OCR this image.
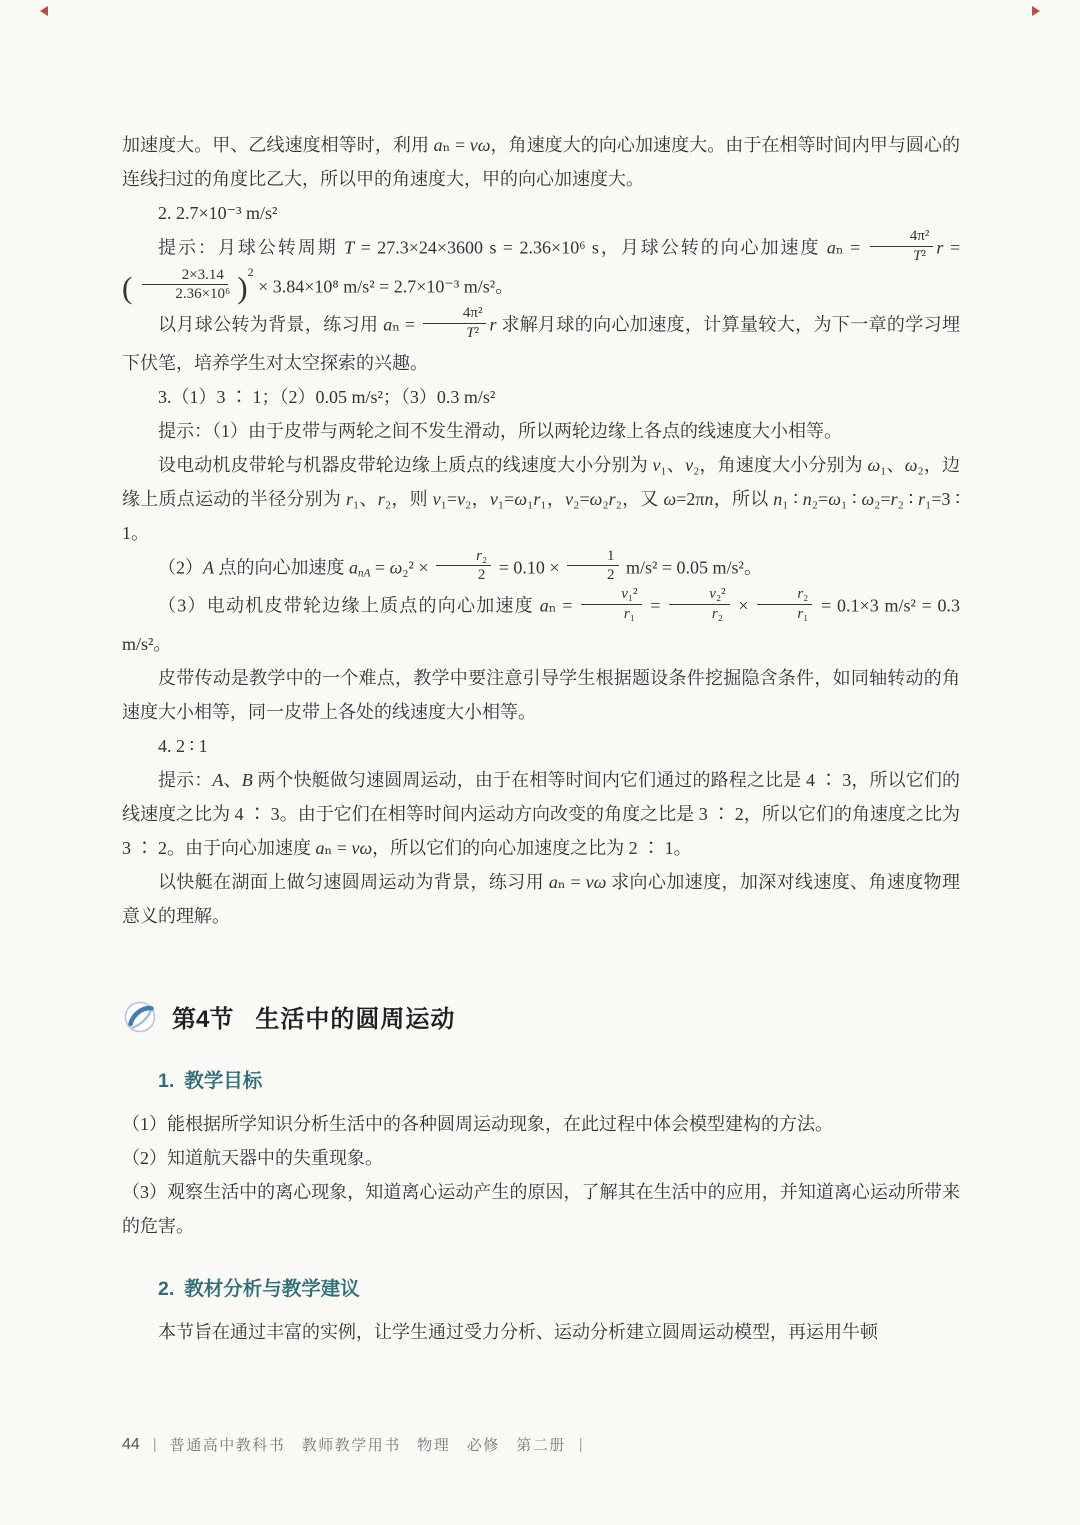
加速度大。甲、乙线速度相等时，利用 aₙ = vω，角速度大的向心加速度大。由于在相等时间内甲与圆心的连线扫过的角度比乙大，所以甲的角速度大，甲的向心加速度大。
2. 2.7×10⁻³ m/s²
提示：月球公转周期 T = 27.3×24×3600 s = 2.36×10⁶ s，月球公转的向心加速度 $a_n = \frac{\text{4π²}}{\text{T²}}$ r = ( $\frac{2\times 3.14}{\text{2.36×10⁶}} )^2 \times 3.84\times 10^8$ m/s² = 2.7×10⁻³ m/s²。
以月球公转为背景，练习用 $a_n = \frac{\text{4π²}}{\text{T²}}$ r 求解月球的向心加速度，计算量较大，为下一章的学习埋下伏笔，培养学生对太空探索的兴趣。
3.（1）3 ∶ 1；（2）0.05 m/s²；（3）0.3 m/s²
提示：（1）由于皮带与两轮之间不发生滑动，所以两轮边缘上各点的线速度大小相等。
设电动机皮带轮与机器皮带轮边缘上质点的线速度大小分别为 v₁、v₂，角速度大小分别为 ω₁、ω₂，边缘上质点运动的半径分别为 r₁、r₂，则 v₁=v₂，v₁=ω₁r₁，v₂=ω₂r₂，又 ω=2πn，所以 n₁ ∶ n₂=ω₁ ∶ ω₂=r₂ ∶ r₁=3 ∶ 1。
（2）A 点的向心加速度 $a_{nA} = \omega_2^2 \times \frac{\text{r₂}}{2} = 0.10 \times \frac{1}{2} m/s^2 = 0.05$ m/s²。
（3）电动机皮带轮边缘上质点的向心加速度 $a_n = \frac{\text{v₁²}}{\text{r₁}} = \frac{\text{v₂²}}{\text{r₂}} \times \frac{\text{r₂}}{\text{r₁}} = 0.1\times 3$ m/s² = 0.3 m/s²。
皮带传动是教学中的一个难点，教学中要注意引导学生根据题设条件挖掘隐含条件，如同轴转动的角速度大小相等，同一皮带上各处的线速度大小相等。
4. 2 ∶ 1
提示：A、B 两个快艇做匀速圆周运动，由于在相等时间内它们通过的路程之比是 4 ∶ 3，所以它们的线速度之比为 4 ∶ 3。由于它们在相等时间内运动方向改变的角度之比是 3 ∶ 2，所以它们的角速度之比为 3 ∶ 2。由于向心加速度 aₙ = vω，所以它们的向心加速度之比为 2 ∶ 1。
以快艇在湖面上做匀速圆周运动为背景，练习用 aₙ = vω 求向心加速度，加深对线速度、角速度物理意义的理解。
第4节 生活中的圆周运动
1. 教学目标
（1）能根据所学知识分析生活中的各种圆周运动现象，在此过程中体会模型建构的方法。
（2）知道航天器中的失重现象。
（3）观察生活中的离心现象，知道离心运动产生的原因，了解其在生活中的应用，并知道离心运动所带来的危害。
2. 教材分析与教学建议
本节旨在通过丰富的实例，让学生通过受力分析、运动分析建立圆周运动模型，再运用牛顿
44 | 普通高中教科书　教师教学用书　物理　必修　第二册 |
